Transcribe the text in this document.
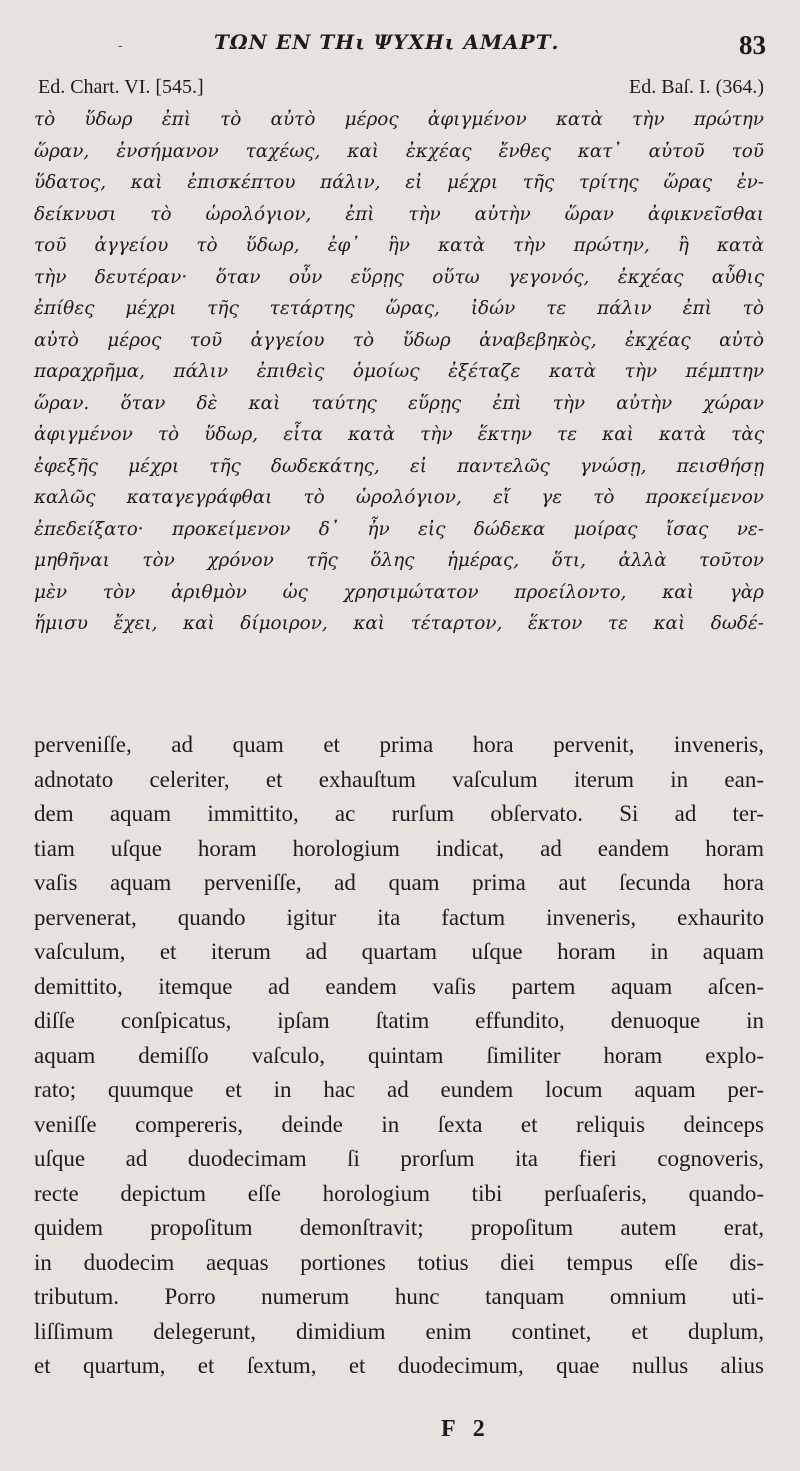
-	ΤΩΝ ΕΝ ΤΗι ΨΥΧΗι ΑΜΑΡΤ.	83
Ed. Chart. VI. [545.]	Ed. Baſ. I. (364.)
τὸ ὕδωρ ἐπὶ τὸ αὐτὸ μέρος ἀφιγμένον κατὰ τὴν πρώτην
ὥραν, ἐνσήμανον ταχέως, καὶ ἐκχέας ἔνθες κατ᾽ αὐτοῦ τοῦ
ὕδατος, καὶ ἐπισκέπτου πάλιν, εἰ μέχρι τῆς τρίτης ὥρας ἐν-
δείκνυσι τὸ ὡρολόγιον, ἐπὶ τὴν αὐτὴν ὥραν ἀφικνεῖσθαι
τοῦ ἀγγείου τὸ ὕδωρ, ἐφ᾽ ἣν κατὰ τὴν πρώτην, ἢ κατὰ
τὴν δευτέραν· ὅταν οὖν εὕρῃς οὕτω γεγονός, ἐκχέας αὖθις
ἐπίθες μέχρι τῆς τετάρτης ὥρας, ἰδών τε πάλιν ἐπὶ τὸ
αὐτὸ μέρος τοῦ ἀγγείου τὸ ὕδωρ ἀναβεβηκὸς, ἐκχέας αὐτὸ
παραχρῆμα, πάλιν ἐπιθεὶς ὁμοίως ἐξέταζε κατὰ τὴν πέμπτην
ὥραν. ὅταν δὲ καὶ ταύτης εὕρῃς ἐπὶ τὴν αὐτὴν χώραν
ἀφιγμένον τὸ ὕδωρ, εἶτα κατὰ τὴν ἕκτην τε καὶ κατὰ τὰς
ἐφεξῆς μέχρι τῆς δωδεκάτης, εἰ παντελῶς γνώσῃ, πεισθήσῃ
καλῶς καταγεγράφθαι τὸ ὡρολόγιον, εἴ γε τὸ προκείμενον
ἐπεδείξατο· προκείμενον δ᾽ ἦν εἰς δώδεκα μοίρας ἴσας νε-
μηθῆναι τὸν χρόνον τῆς ὅλης ἡμέρας, ὅτι, ἀλλὰ τοῦτον
μὲν τὸν ἀριθμὸν ὡς χρησιμώτατον προείλοντο, καὶ γὰρ
ἥμισυ ἔχει, καὶ δίμοιρον, καὶ τέταρτον, ἕκτον τε καὶ δωδέ-
perveniſſe, ad quam et prima hora pervenit, inveneris,
adnotato celeriter, et exhauſtum vaſculum iterum in ean-
dem aquam immittito, ac rurſum obſervato. Si ad ter-
tiam uſque horam horologium indicat, ad eandem horam
vaſis aquam perveniſſe, ad quam prima aut ſecunda hora
pervenerat, quando igitur ita factum inveneris, exhaurito
vaſculum, et iterum ad quartam uſque horam in aquam
demittito, itemque ad eandem vaſis partem aquam aſcen-
diſſe conſpicatus, ipſam ſtatim effundito, denuoque in
aquam demiſſo vaſculo, quintam ſimiliter horam explo-
rato; quumque et in hac ad eundem locum aquam per-
veniſſe compereris, deinde in ſexta et reliquis deinceps
uſque ad duodecimam ſi prorſum ita fieri cognoveris,
recte depictum eſſe horologium tibi perſuaſeris, quando-
quidem propoſitum demonſtravit; propoſitum autem erat,
in duodecim aequas portiones totius diei tempus eſſe dis-
tributum. Porro numerum hunc tanquam omnium uti-
liſſimum delegerunt, dimidium enim continet, et duplum,
et quartum, et ſextum, et duodecimum, quae nullus alius
F 2
